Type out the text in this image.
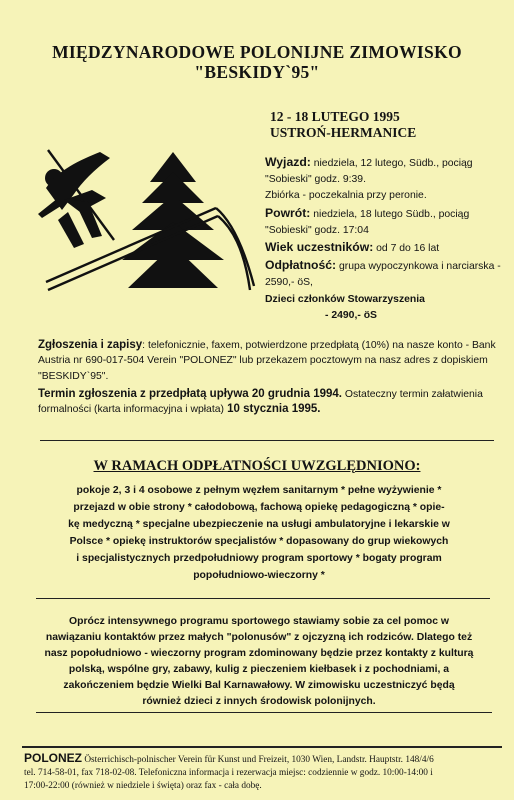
MIĘDZYNARODOWE POLONIJNE ZIMOWISKO
"BESKIDY`95"
12 - 18 LUTEGO 1995
USTROŃ-HERMANICE
Wyjazd: niedziela, 12 lutego, Südb., pociąg "Sobieski" godz. 9:39.
Zbiórka - poczekalnia przy peronie.
Powrót: niedziela, 18 lutego Südb., pociąg "Sobieski" godz. 17:04
Wiek uczestników: od 7 do 16 lat
Odpłatność: grupa wypoczynkowa i narciarska - 2590,- öS,
Dzieci członków Stowarzyszenia
- 2490,- öS
Zgłoszenia i zapisy: telefonicznie, faxem, potwierdzone przedpłatą (10%) na nasze konto - Bank Austria nr 690-017-504 Verein "POLONEZ" lub przekazem pocztowym na nasz adres z dopiskiem "BESKIDY`95".
Termin zgłoszenia z przedpłatą upływa 20 grudnia 1994. Ostateczny termin załatwienia formalności (karta informacyjna i wpłata) 10 stycznia 1995.
W RAMACH ODPŁATNOŚCI UWZGLĘDNIONO:
pokoje 2, 3 i 4 osobowe z pełnym węzłem sanitarnym * pełne wyżywienie *
przejazd w obie strony * całodobową, fachową opiekę pedagogiczną * opie-
kę medyczną * specjalne ubezpieczenie na usługi ambulatoryjne i lekarskie w
Polsce * opiekę instruktorów specjalistów * dopasowany do grup wiekowych
i specjalistycznych przedpołudniowy program sportowy * bogaty program
popołudniowo-wieczorny *
Oprócz intensywnego programu sportowego stawiamy sobie za cel pomoc w
nawiązaniu kontaktów przez małych "polonusów" z ojczyzną ich rodziców. Dlatego też
nasz popołudniowo - wieczorny program zdominowany będzie przez kontakty z kulturą
polską, wspólne gry, zabawy, kulig z pieczeniem kiełbasek i z pochodniami, a
zakończeniem będzie Wielki Bal Karnawałowy. W zimowisku uczestniczyć będą
również dzieci z innych środowisk polonijnych.
POLONEZ Österrichisch-polnischer Verein für Kunst und Freizeit, 1030 Wien, Landstr. Hauptstr. 148/4/6
tel. 714-58-01, fax 718-02-08. Telefoniczna informacja i rezerwacja miejsc: codziennie w godz. 10:00-14:00 i
17:00-22:00 (również w niedziele i święta) oraz fax - cała dobę.
